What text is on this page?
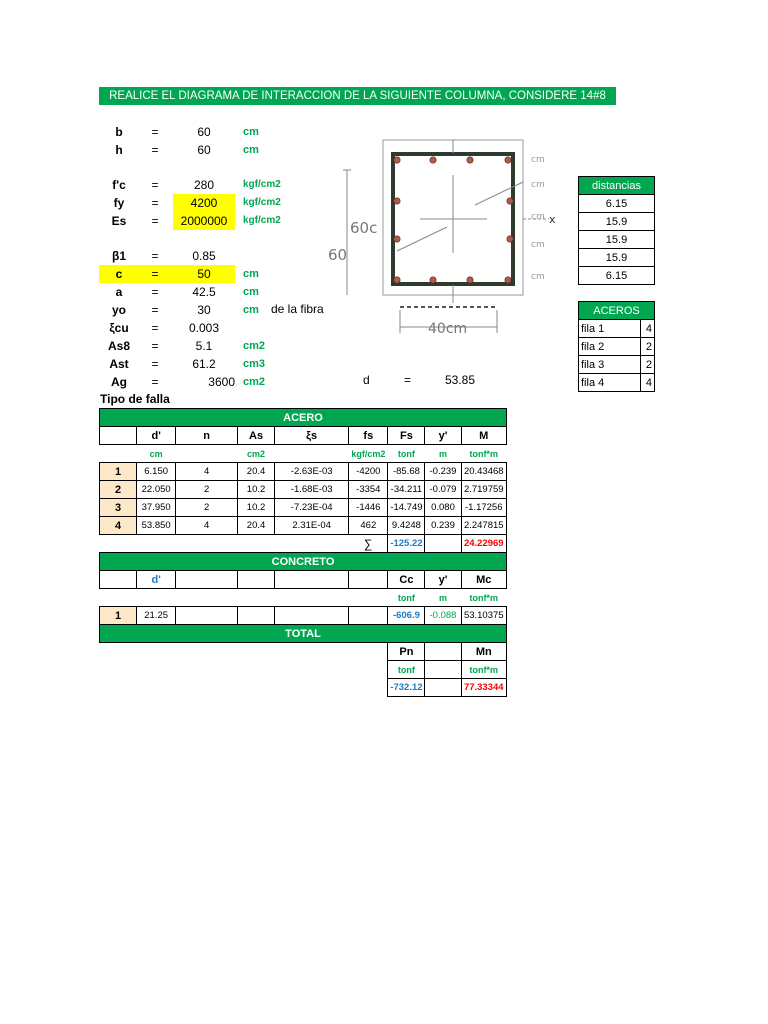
REALICE EL DIAGRAMA DE INTERACCION DE LA SIGUIENTE COLUMNA, CONSIDERE 14#8
b	=	60	cm
h	=	60	cm
f'c	=	280	kgf/cm2
fy	=	4200	kgf/cm2
Es	=	2000000	kgf/cm2
β1	=	0.85
c	=	50	cm
a	=	42.5	cm
yo	=	30	cm
ξcu	=	0.003
As8	=	5.1	cm2
Ast	=	61.2	cm3
Ag	=	3600 cm2
de la fibra
d	=	53.85
Tipo de falla
60c
60
40cm
cm
cm
cm
cm
cm
x
distancias
6.15
15.9
15.9
15.9
6.15
ACEROS	
fila 1	4
fila 2	2
fila 3	2
fila 4	4
ACERO								
	d'	n	As	ξs	fs	Fs	y'	M
	cm		cm2		kgf/cm2	tonf	m	tonf*m
1	6.150	4	20.4	-2.63E-03	-4200	-85.68	-0.239	20.43468
2	22.050	2	10.2	-1.68E-03	-3354	-34.211	-0.079	2.719759
3	37.950	2	10.2	-7.23E-04	-1446	-14.749	0.080	-1.17256
4	53.850	4	20.4	2.31E-04	462	9.4248	0.239	2.247815
					∑	-125.22		24.22969
CONCRETO								
	d'					Cc	y'	Mc
						tonf	m	tonf*m
1	21.25					-606.9	-0.088	53.10375
TOTAL								
						Pn		Mn
						tonf		tonf*m
						-732.12		77.33344
